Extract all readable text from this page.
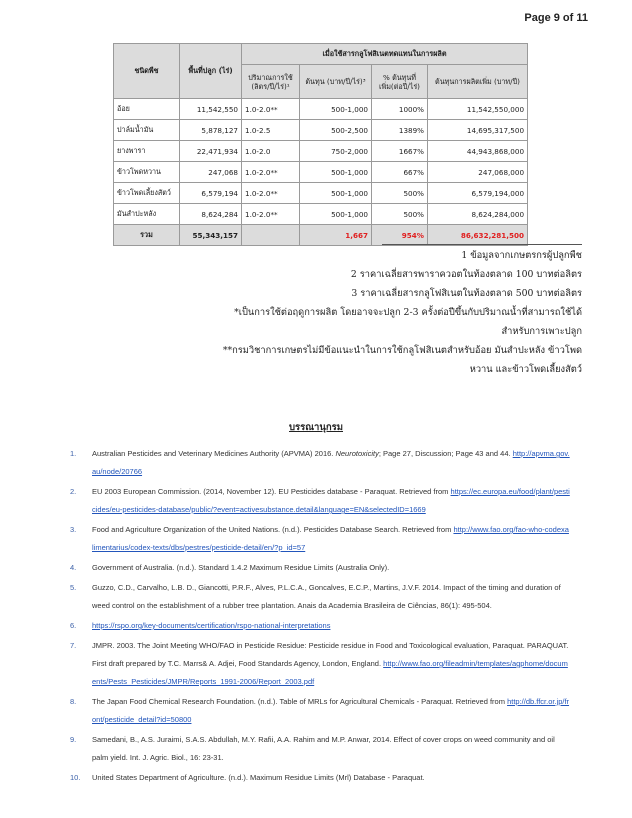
Page 9 of 11
ชนิดพืช	พื้นที่ปลูก (ไร่)	เมื่อใช้สารกลูโฟสิเนตทดแทนในการผลิต			
		ปริมาณการใช้ (ลิตร/ปี/ไร่)¹	ต้นทุน (บาท/ปี/ไร่)³	% ต้นทุนที่เพิ่ม(ต่อปี/ไร่)	ต้นทุนการผลิตเพิ่ม (บาท/ปี)
อ้อย	11,542,550	1.0-2.0**	500-1,000	1000%	11,542,550,000
ปาล์มน้ำมัน	5,878,127	1.0-2.5	500-2,500	1389%	14,695,317,500
ยางพารา	22,471,934	1.0-2.0	750-2,000	1667%	44,943,868,000
ข้าวโพดหวาน	247,068	1.0-2.0**	500-1,000	667%	247,068,000
ข้าวโพดเลี้ยงสัตว์	6,579,194	1.0-2.0**	500-1,000	500%	6,579,194,000
มันสำปะหลัง	8,624,284	1.0-2.0**	500-1,000	500%	8,624,284,000
รวม	55,343,157		1,667	954%	86,632,281,500
1 ข้อมูลจากเกษตรกรผู้ปลูกพืช
2 ราคาเฉลี่ยสารพาราควอตในท้องตลาด 100 บาทต่อลิตร
3 ราคาเฉลี่ยสารกลูโฟสิเนตในท้องตลาด 500 บาทต่อลิตร
*เป็นการใช้ต่อฤดูการผลิต โดยอาจจะปลูก 2-3 ครั้งต่อปีขึ้นกับปริมาณน้ำที่สามารถใช้ได้
สำหรับการเพาะปลูก
**กรมวิชาการเกษตรไม่มีข้อแนะนำในการใช้กลูโฟสิเนตสำหรับอ้อย มันสำปะหลัง ข้าวโพด
หวาน และข้าวโพดเลี้ยงสัตว์
บรรณานุกรม
1. Australian Pesticides and Veterinary Medicines Authority (APVMA) 2016. Neurotoxicity; Page 27, Discussion; Page 43 and 44. http://apvma.gov.au/node/20766
2. EU 2003 European Commission. (2014, November 12). EU Pesticides database - Paraquat. Retrieved from https://ec.europa.eu/food/plant/pesticides/eu-pesticides-database/public/?event=activesubstance.detail&language=EN&selectedID=1669
3. Food and Agriculture Organization of the United Nations. (n.d.). Pesticides Database Search. Retrieved from http://www.fao.org/fao-who-codexalimentarius/codex-texts/dbs/pestres/pesticide-detail/en/?p_id=57
4. Government of Australia. (n.d.). Standard 1.4.2 Maximum Residue Limits (Australia Only).
5. Guzzo, C.D., Carvalho, L.B. D., Giancotti, P.R.F., Alves, P.L.C.A., Goncalves, E.C.P., Martins, J.V.F. 2014. Impact of the timing and duration of weed control on the establishment of a rubber tree plantation. Anais da Academia Brasileira de Ciências, 86(1): 495-504.
6. https://rspo.org/key-documents/certification/rspo-national-interpretations
7. JMPR. 2003. The Joint Meeting WHO/FAO in Pesticide Residue: Pesticide residue in Food and Toxicological evaluation, Paraquat. PARAQUAT. First draft prepared by T.C. Marrs& A. Adjei, Food Standards Agency, London, England. http://www.fao.org/fileadmin/templates/agphome/documents/Pests_Pesticides/JMPR/Reports_1991-2006/Report_2003.pdf
8. The Japan Food Chemical Research Foundation. (n.d.). Table of MRLs for Agricultural Chemicals - Paraquat. Retrieved from http://db.ffcr.or.jp/front/pesticide_detail?id=50800
9. Samedani, B., A.S. Juraimi, S.A.S. Abdullah, M.Y. Rafii, A.A. Rahim and M.P. Anwar, 2014. Effect of cover crops on weed community and oil palm yield. Int. J. Agric. Biol., 16: 23-31.
10. United States Department of Agriculture. (n.d.). Maximum Residue Limits (Mrl) Database - Paraquat.
